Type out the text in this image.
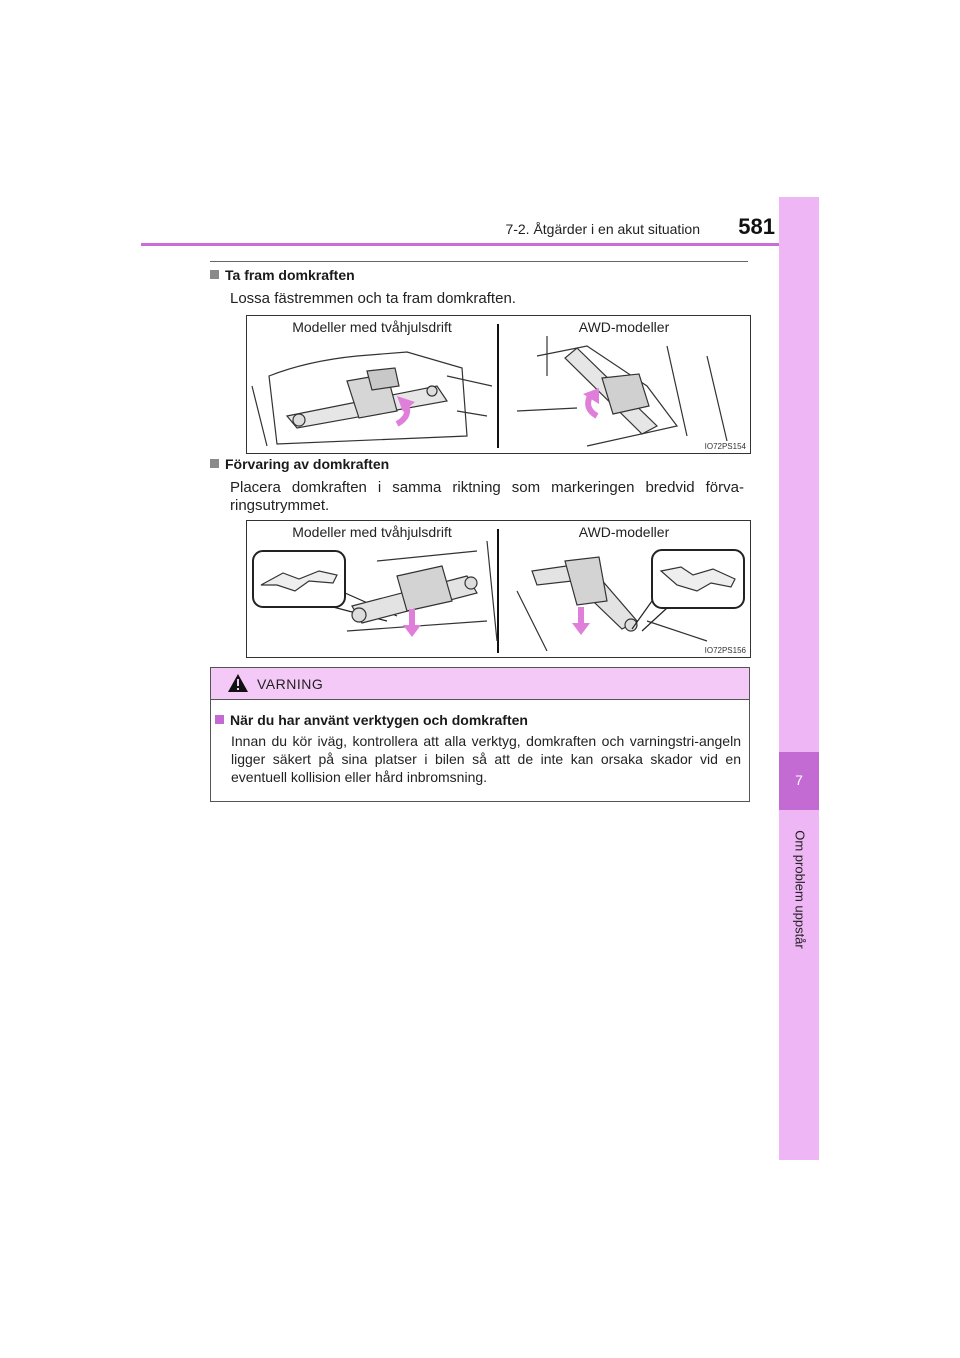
7-2. Åtgärder i en akut situation	581
7
Om problem uppstår
Ta fram domkraften
Lossa fästremmen och ta fram domkraften.
Modeller med tvåhjulsdrift	AWD-modeller
IO72PS154
Förvaring av domkraften
Placera domkraften i samma riktning som markeringen bredvid förva-ringsutrymmet.
Modeller med tvåhjulsdrift	AWD-modeller
IO72PS156
VARNING
När du har använt verktygen och domkraften
Innan du kör iväg, kontrollera att alla verktyg, domkraften och varningstri-angeln ligger säkert på sina platser i bilen så att de inte kan orsaka skador vid en eventuell kollision eller hård inbromsning.
